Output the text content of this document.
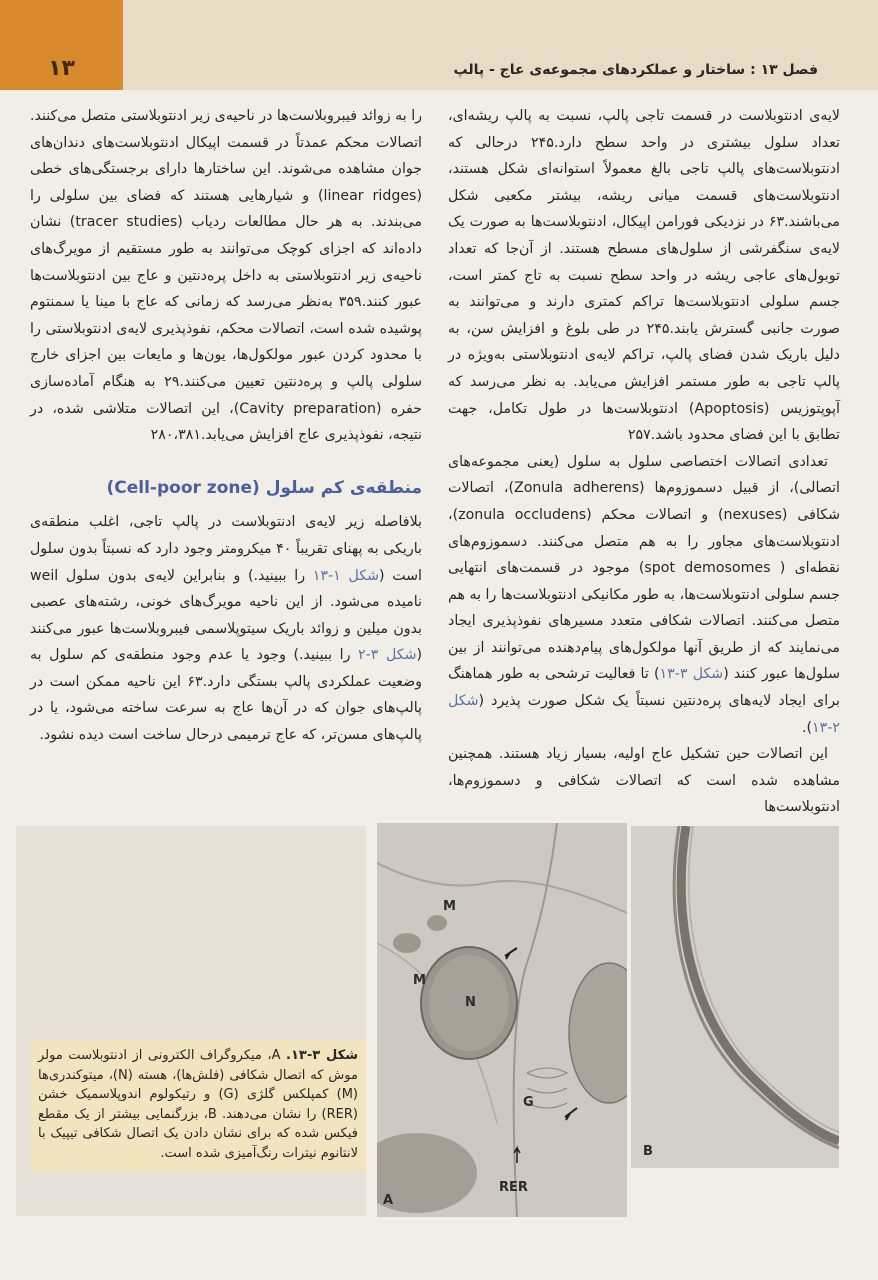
۱۳	فصل ۱۳ : ساختار و عملکردهای مجموعه‌ی عاج - پالپ

لایه‌ی ادنتوبلاست در قسمت تاجی پالپ، نسبت به پالپ ریشه‌ای، تعداد سلول بیشتری در واحد سطح دارد.۲۴۵ درحالی که ادنتوبلاست‌های پالپ تاجی بالغ معمولاً استوانه‌ای شکل هستند، ادنتوبلاست‌های قسمت میانی ریشه، بیشتر مکعبی شکل می‌باشند.۶۳ در نزدیکی فورامن اپیکال، ادنتوبلاست‌ها به صورت یک لایه‌ی سنگفرشی از سلول‌های مسطح هستند. از آن‌جا که تعداد توبول‌های عاجی ریشه در واحد سطح نسبت به تاج کمتر است، جسم سلولی ادنتوبلاست‌ها تراکم کمتری دارند و می‌توانند به صورت جانبی گسترش یابند.۲۴۵ در طی بلوغ و افزایش سن، به دلیل باریک شدن فضای پالپ، تراکم لایه‌ی ادنتوبلاستی به‌ویژه در پالپ تاجی به طور مستمر افزایش می‌یابد. به نظر می‌رسد که آپوپتوزیس (Apoptosis) ادنتوبلاست‌ها در طول تکامل، جهت تطابق با این فضای محدود باشد.۲۵۷

تعدادی اتصالات اختصاصی سلول به سلول (یعنی مجموعه‌های اتصالی)، از قبیل دسموزوم‌ها (Zonula adherens)، اتصالات شکافی (nexuses) و اتصالات محکم (zonula occludens)، ادنتوبلاست‌های مجاور را به هم متصل می‌کنند. دسموزوم‌های نقطه‌ای ( spot demosomes) موجود در قسمت‌های انتهایی جسم سلولی ادنتوبلاست‌ها، به طور مکانیکی ادنتوبلاست‌ها را به هم متصل می‌کنند. اتصالات شکافی متعدد مسیرهای نفوذپذیری ایجاد می‌نمایند که از طریق آنها مولکول‌های پیام‌دهنده می‌توانند از بین سلول‌ها عبور کنند (شکل ۳-۱۳) تا فعالیت ترشحی به طور هماهنگ برای ایجاد لایه‌های پره‌دنتین نسبتاً یک شکل صورت پذیرد (شکل ۲-۱۳).

این اتصالات حین تشکیل عاج اولیه، بسیار زیاد هستند. همچنین مشاهده شده است که اتصالات شکافی و دسموزوم‌ها، ادنتوبلاست‌ها

را به زوائد فیبروبلاست‌ها در ناحیه‌ی زیر ادنتوبلاستی متصل می‌کنند. اتصالات محکم عمدتاً در قسمت اپیکال ادنتوبلاست‌های دندان‌های جوان مشاهده می‌شوند. این ساختارها دارای برجستگی‌های خطی (linear ridges) و شیارهایی هستند که فضای بین سلولی را می‌بندند. به هر حال مطالعات ردیاب (tracer studies) نشان داده‌اند که اجزای کوچک می‌توانند به طور مستقیم از مویرگ‌های ناحیه‌ی زیر ادنتوبلاستی به داخل پره‌دنتین و عاج بین ادنتوبلاست‌ها عبور کنند.۳۵۹ به‌نظر می‌رسد که زمانی که عاج با مینا یا سمنتوم پوشیده شده است، اتصالات محکم، نفوذپذیری لایه‌ی ادنتوبلاستی را با محدود کردن عبور مولکول‌ها، یون‌ها و مایعات بین اجزای خارج سلولی پالپ و پره‌دنتین تعیین می‌کنند.۲۹ به هنگام آماده‌سازی حفره (Cavity preparation)، این اتصالات متلاشی شده، در نتیجه، نفوذپذیری عاج افزایش می‌یابد.۲۸۰،۳۸۱

منطقه‌ی کم سلول (Cell-poor zone)

بلافاصله زیر لایه‌ی ادنتوبلاست در پالپ تاجی، اغلب منطقه‌ی باریکی به پهنای تقریباً ۴۰ میکرومتر وجود دارد که نسبتاً بدون سلول است (شکل ۱-۱۳ را ببینید.) و بنابراین لایه‌ی بدون سلول weil نامیده می‌شود. از این ناحیه مویرگ‌های خونی، رشته‌های عصبی بدون میلین و زوائد باریک سیتوپلاسمی فیبروبلاست‌ها عبور می‌کنند (شکل ۳-۲ را ببینید.) وجود یا عدم وجود منطقه‌ی کم سلول به وضعیت عملکردی پالپ بستگی دارد.۶۳ این ناحیه ممکن است در پالپ‌های جوان که در آن‌ها عاج به سرعت ساخته می‌شود، یا در پالپ‌های مسن‌تر، که عاج ترمیمی درحال ساخت است دیده نشود.

شکل ۳-۱۳. A، میکروگراف الکترونی از ادنتوبلاست مولر موش که اتصال شکافی (فلش‌ها)، هسته (N)، میتوکندری‌ها (M) کمپلکس گلژی (G) و رتیکولوم اندوپلاسمیک خشن (RER) را نشان می‌دهند. B، بزرگنمایی بیشتر از یک مقطع فیکس شده که برای نشان دادن یک اتصال شکافی تیپیک با لانتانوم نیترات رنگ‌آمیزی شده است.
M
M
N
G
RER
A
B
